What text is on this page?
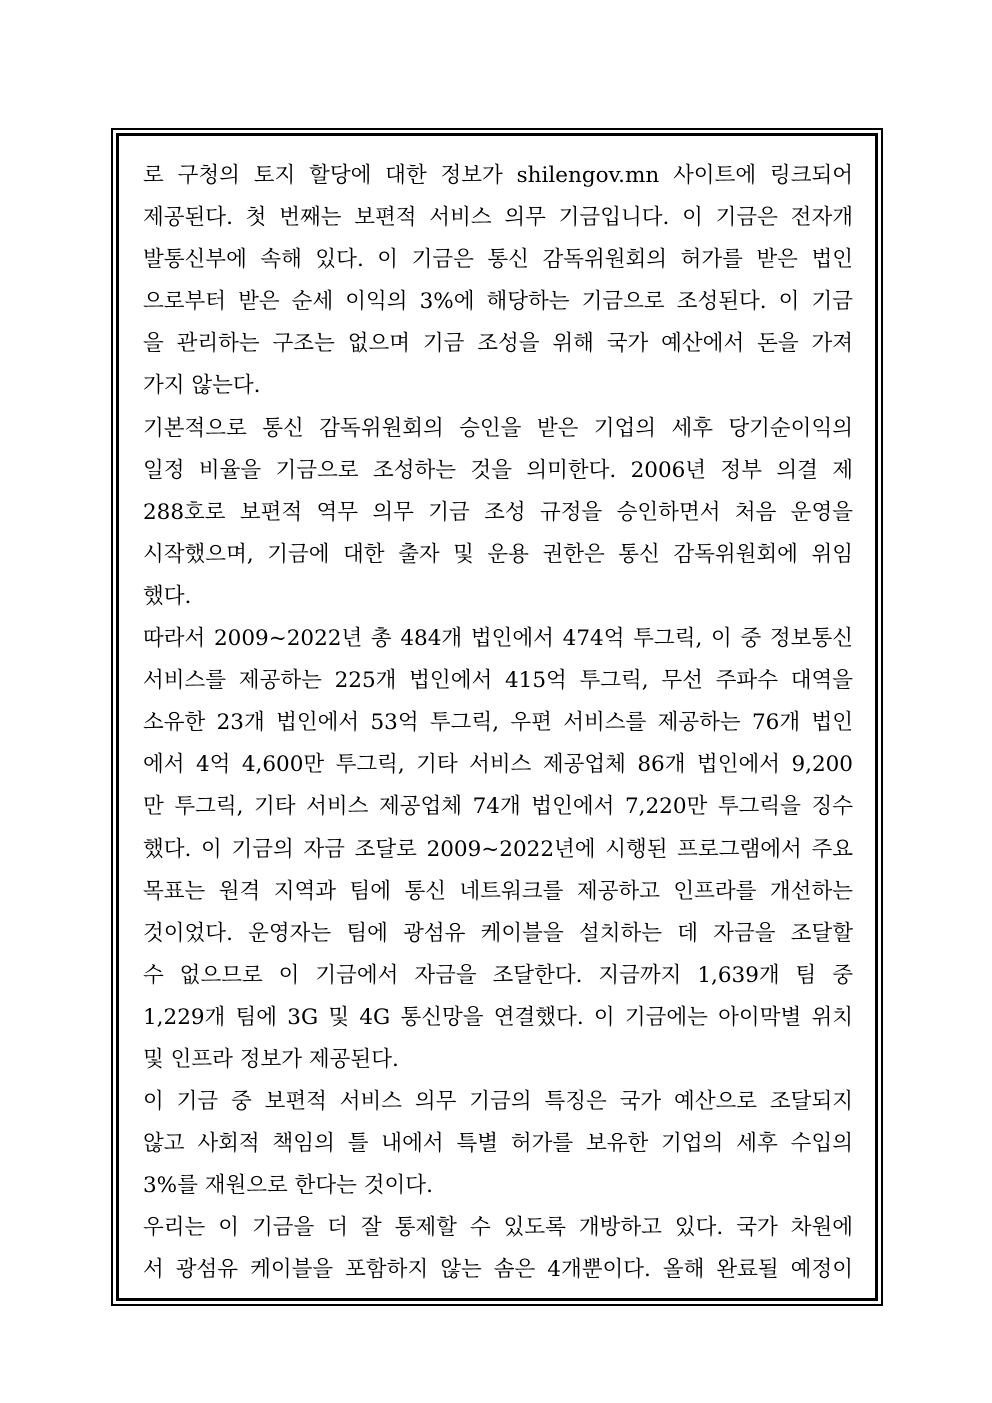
로 구청의 토지 할당에 대한 정보가 shilengov.mn 사이트에 링크되어
제공된다. 첫 번째는 보편적 서비스 의무 기금입니다. 이 기금은 전자개
발통신부에 속해 있다. 이 기금은 통신 감독위원회의 허가를 받은 법인
으로부터 받은 순세 이익의 3%에 해당하는 기금으로 조성된다. 이 기금
을 관리하는 구조는 없으며 기금 조성을 위해 국가 예산에서 돈을 가져
가지 않는다.
기본적으로 통신 감독위원회의 승인을 받은 기업의 세후 당기순이익의
일정 비율을 기금으로 조성하는 것을 의미한다. 2006년 정부 의결 제
288호로 보편적 역무 의무 기금 조성 규정을 승인하면서 처음 운영을
시작했으며, 기금에 대한 출자 및 운용 권한은 통신 감독위원회에 위임
했다.
따라서 2009~2022년 총 484개 법인에서 474억 투그릭, 이 중 정보통신
서비스를 제공하는 225개 법인에서 415억 투그릭, 무선 주파수 대역을
소유한 23개 법인에서 53억 투그릭, 우편 서비스를 제공하는 76개 법인
에서 4억 4,600만 투그릭, 기타 서비스 제공업체 86개 법인에서 9,200
만 투그릭, 기타 서비스 제공업체 74개 법인에서 7,220만 투그릭을 징수
했다. 이 기금의 자금 조달로 2009~2022년에 시행된 프로그램에서 주요
목표는 원격 지역과 팀에 통신 네트워크를 제공하고 인프라를 개선하는
것이었다. 운영자는 팀에 광섬유 케이블을 설치하는 데 자금을 조달할
수 없으므로 이 기금에서 자금을 조달한다. 지금까지 1,639개 팀 중
1,229개 팀에 3G 및 4G 통신망을 연결했다. 이 기금에는 아이막별 위치
및 인프라 정보가 제공된다.
이 기금 중 보편적 서비스 의무 기금의 특징은 국가 예산으로 조달되지
않고 사회적 책임의 틀 내에서 특별 허가를 보유한 기업의 세후 수입의
3%를 재원으로 한다는 것이다.
우리는 이 기금을 더 잘 통제할 수 있도록 개방하고 있다. 국가 차원에
서 광섬유 케이블을 포함하지 않는 솜은 4개뿐이다. 올해 완료될 예정이
